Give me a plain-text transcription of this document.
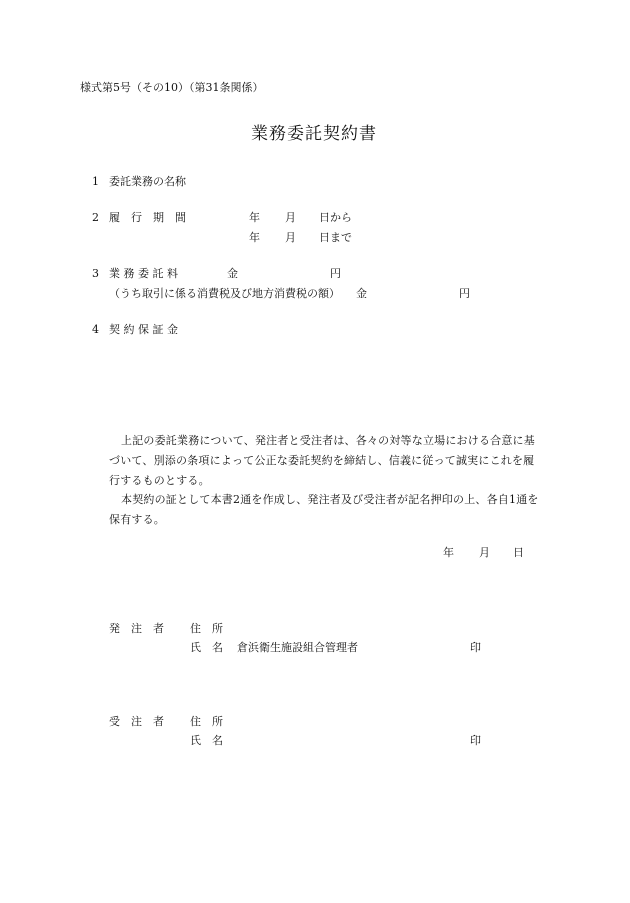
様式第5号（その10）（第31条関係）
業務委託契約書
1 委託業務の名称
2 履　行　期　間	年 月 日から
年 月 日まで
3 業 務 委 託 料	金	円
（うち取引に係る消費税及び地方消費税の額） 金	円
4 契 約 保 証 金
上記の委託業務について、発注者と受注者は、各々の対等な立場における合意に基
づいて、別添の条項によって公正な委託契約を締結し、信義に従って誠実にこれを履
行するものとする。
本契約の証として本書2通を作成し、発注者及び受注者が記名押印の上、各自1通を
保有する。
年 月 日
発　注　者 住　所
氏　名 倉浜衛生施設組合管理者	印
受　注　者 住　所
氏　名	印
